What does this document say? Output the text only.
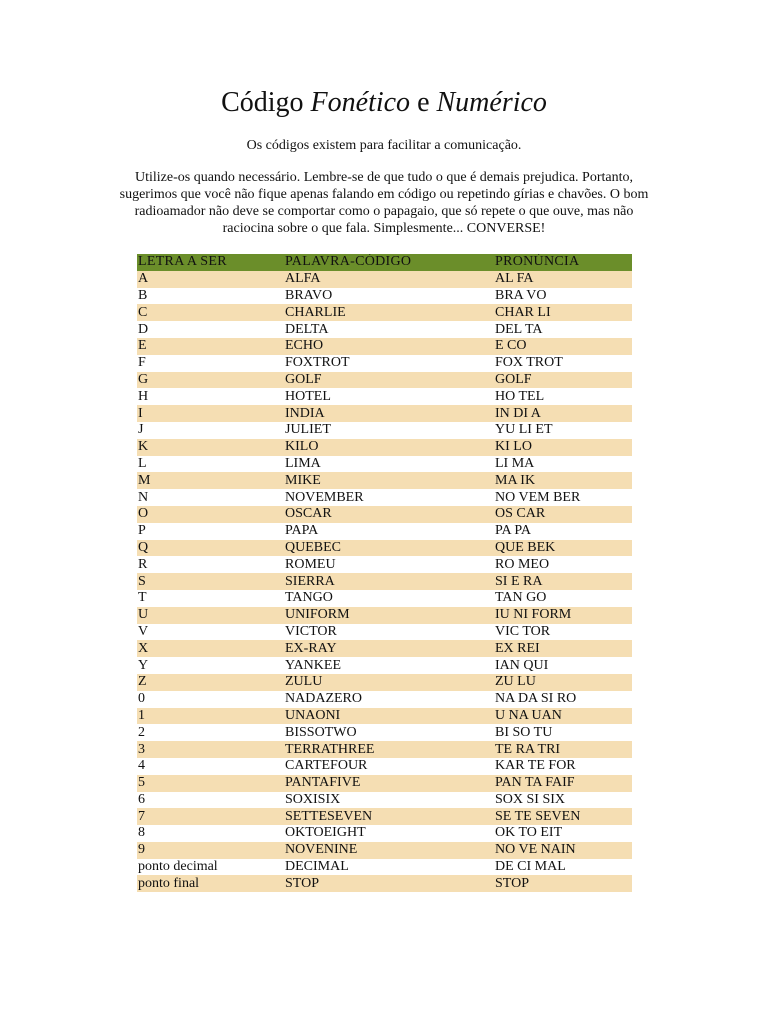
Código Fonético e Numérico

Os códigos existem para facilitar a comunicação.

Utilize-os quando necessário. Lembre-se de que tudo o que é demais prejudica. Portanto, sugerimos que você não fique apenas falando em código ou repetindo gírias e chavões. O bom radioamador não deve se comportar como o papagaio, que só repete o que ouve, mas não raciocina sobre o que fala. Simplesmente... CONVERSE!

LETRA A SER	PALAVRA-CÓDIGO	PRONÚNCIA
A	ALFA	AL FA
B	BRAVO	BRA VO
C	CHARLIE	CHAR LI
D	DELTA	DEL TA
E	ECHO	E CO
F	FOXTROT	FOX TROT
G	GOLF	GOLF
H	HOTEL	HO TEL
I	INDIA	IN DI A
J	JULIET	YU LI ET
K	KILO	KI LO
L	LIMA	LI MA
M	MIKE	MA IK
N	NOVEMBER	NO VEM BER
O	OSCAR	OS CAR
P	PAPA	PA PA
Q	QUEBEC	QUE BEK
R	ROMEU	RO MEO
S	SIERRA	SI E RA
T	TANGO	TAN GO
U	UNIFORM	IU NI FORM
V	VICTOR	VIC TOR
X	EX-RAY	EX REI
Y	YANKEE	IAN QUI
Z	ZULU	ZU LU
0	NADAZERO	NA DA SI RO
1	UNAONI	U NA UAN
2	BISSOTWO	BI SO TU
3	TERRATHREE	TE RA TRI
4	CARTEFOUR	KAR TE FOR
5	PANTAFIVE	PAN TA FAIF
6	SOXISIX	SOX SI SIX
7	SETTESEVEN	SE TE SEVEN
8	OKTOEIGHT	OK TO EIT
9	NOVENINE	NO VE NAIN
ponto decimal	DECIMAL	DE CI MAL
ponto final	STOP	STOP
